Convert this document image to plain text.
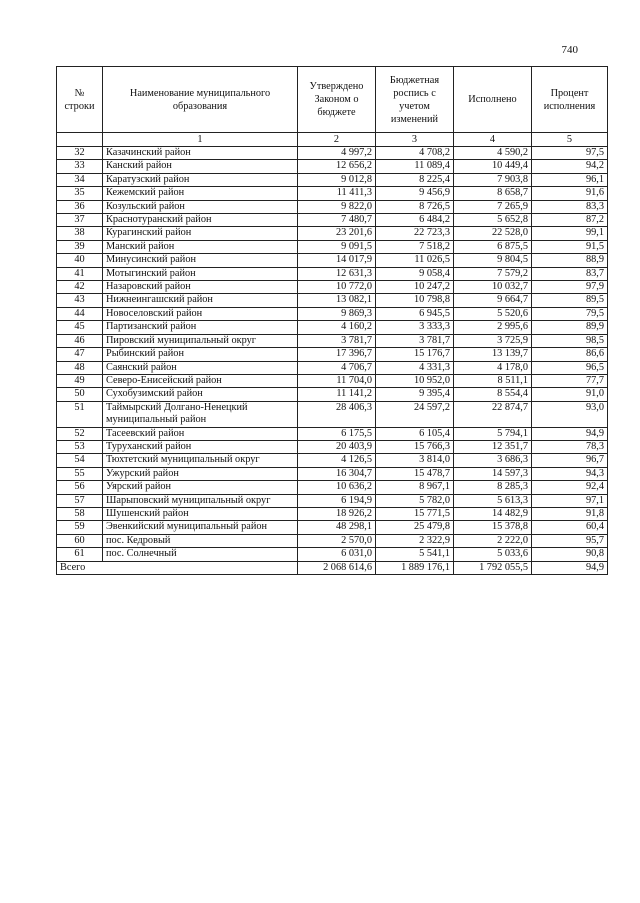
740
№ строки	Наименование муниципального образования	Утверждено Законом о бюджете	Бюджетная роспись с учетом изменений	Исполнено	Процент исполнения
	1	2	3	4	5
32	Казачинский район	4 997,2	4 708,2	4 590,2	97,5
33	Канский район	12 656,2	11 089,4	10 449,4	94,2
34	Каратузский район	9 012,8	8 225,4	7 903,8	96,1
35	Кежемский район	11 411,3	9 456,9	8 658,7	91,6
36	Козульский район	9 822,0	8 726,5	7 265,9	83,3
37	Краснотуранский район	7 480,7	6 484,2	5 652,8	87,2
38	Курагинский район	23 201,6	22 723,3	22 528,0	99,1
39	Манский район	9 091,5	7 518,2	6 875,5	91,5
40	Минусинский район	14 017,9	11 026,5	9 804,5	88,9
41	Мотыгинский район	12 631,3	9 058,4	7 579,2	83,7
42	Назаровский район	10 772,0	10 247,2	10 032,7	97,9
43	Нижнеингашский район	13 082,1	10 798,8	9 664,7	89,5
44	Новоселовский район	9 869,3	6 945,5	5 520,6	79,5
45	Партизанский район	4 160,2	3 333,3	2 995,6	89,9
46	Пировский муниципальный округ	3 781,7	3 781,7	3 725,9	98,5
47	Рыбинский район	17 396,7	15 176,7	13 139,7	86,6
48	Саянский район	4 706,7	4 331,3	4 178,0	96,5
49	Северо-Енисейский район	11 704,0	10 952,0	8 511,1	77,7
50	Сухобузимский район	11 141,2	9 395,4	8 554,4	91,0
51	Таймырский Долгано-Ненецкий муниципальный район	28 406,3	24 597,2	22 874,7	93,0
52	Тасеевский район	6 175,5	6 105,4	5 794,1	94,9
53	Туруханский район	20 403,9	15 766,3	12 351,7	78,3
54	Тюхтетский муниципальный округ	4 126,5	3 814,0	3 686,3	96,7
55	Ужурский район	16 304,7	15 478,7	14 597,3	94,3
56	Уярский район	10 636,2	8 967,1	8 285,3	92,4
57	Шарыповский муниципальный округ	6 194,9	5 782,0	5 613,3	97,1
58	Шушенский район	18 926,2	15 771,5	14 482,9	91,8
59	Эвенкийский муниципальный район	48 298,1	25 479,8	15 378,8	60,4
60	пос. Кедровый	2 570,0	2 322,9	2 222,0	95,7
61	пос. Солнечный	6 031,0	5 541,1	5 033,6	90,8
Всего		2 068 614,6	1 889 176,1	1 792 055,5	94,9
